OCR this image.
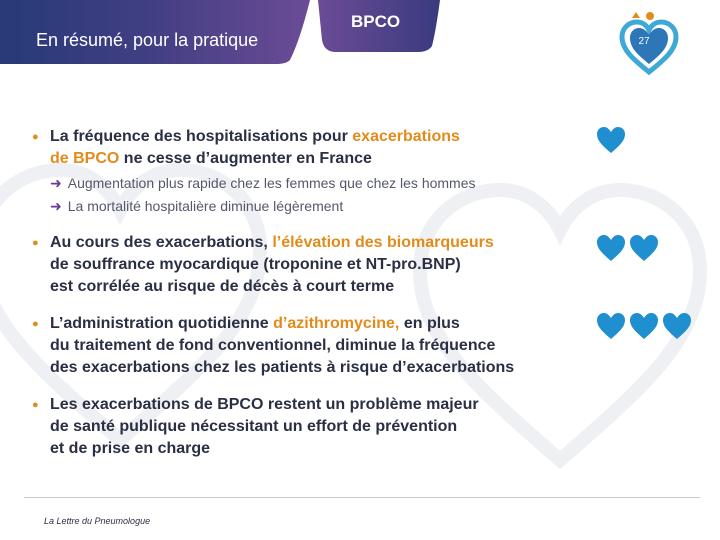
En résumé, pour la pratique
BPCO
27
● La fréquence des hospitalisations pour exacerbations
de BPCO ne cesse d’augmenter en France
➜ Augmentation plus rapide chez les femmes que chez les hommes
➜ La mortalité hospitalière diminue légèrement
● Au cours des exacerbations, l’élévation des biomarqueurs
de souffrance myocardique (troponine et NT-pro.BNP)
est corrélée au risque de décès à court terme
● L’administration quotidienne d’azithromycine, en plus
du traitement de fond conventionnel, diminue la fréquence
des exacerbations chez les patients à risque d’exacerbations
● Les exacerbations de BPCO restent un problème majeur
de santé publique nécessitant un effort de prévention
et de prise en charge
La Lettre du Pneumologue
